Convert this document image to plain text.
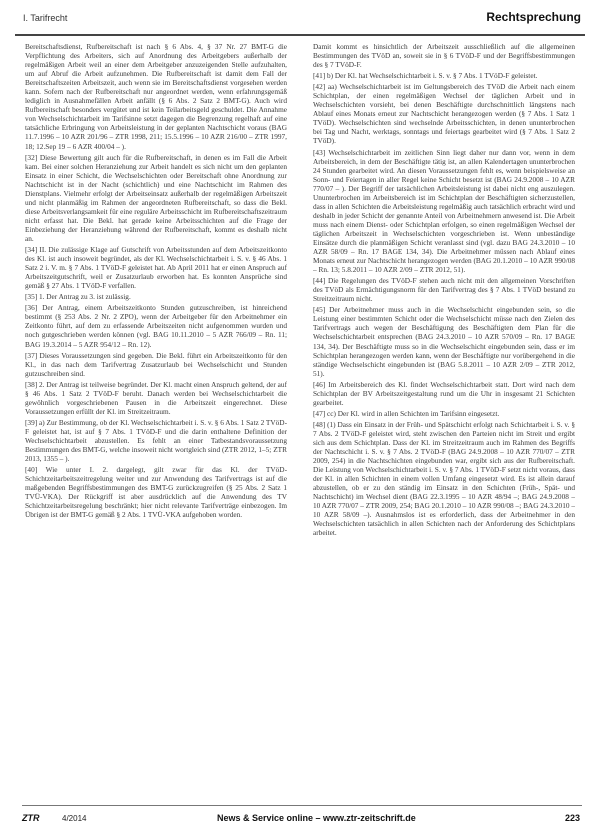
I. Tarifrecht	Rechtsprechung

Bereitschaftsdienst, Rufbereitschaft ist nach § 6 Abs. 4, § 37 Nr. 27 BMT-G die Verpflichtung des Arbeiters, sich auf Anordnung des Arbeitgebers außerhalb der regelmäßigen Arbeit weil an einer dem Arbeitgeber anzuzeigenden Stelle aufzuhalten, um auf Abruf die Arbeit aufzunehmen. Die Rufbereitschaft ist damit dem Fall der Bereitschaftszeiten Arbeitszeit, auch wenn sie im Bereitschaftsdienst vorgesehen werden kann. Sofern nach der Rufbereitschaft nur angeordnet werden, wenn erfahrungsgemäß lediglich in Ausnahmefällen Arbeit anfällt (§ 6 Abs. 2 Satz 2 BMT-G). Auch wird Rufbereitschaft besonders vergütet und ist kein Teilarbeitsgeld geschuldet. Die Annahme von Wechselschichtarbeit im Tarifsinne setzt dagegen die Begrenzung regelhaft auf eine tatsächliche Erbringung von Arbeitsleistung in der geplanten Nachtschicht voraus (BAG 11.7.1996 – 10 AZR 201/96 – ZTR 1998, 211; 15.5.1996 – 10 AZR 216/00 – ZTR 1997, 18; 12.Sep 19 – 6 AZR 400/04 – ).

[32] Diese Bewertung gilt auch für die Rufbereitschaft, in denen es im Fall die Arbeit kam. Bei einer solchen Heranziehung zur Arbeit handelt es sich nicht um den geplanten Einsatz in einer Schicht, die Wechselschichten oder Bereitschaft ohne Anordnung zur Nachtschicht ist in der Nacht (schichtlich) und eine Nachtschicht im Rahmen des Dienstplans. Vielmehr erfolgt der Arbeitseinsatz außerhalb der regelmäßigen Arbeitszeit und nicht planmäßig im Rahmen der angeordneten Rufbereitschaft, so dass die Bekl. diese Arbeitsverlangsamkeit für eine reguläre Arbeitsschicht im Rufbereitschaftszeitraum nicht erfasst hat. Die Bekl. hat gerade keine Arbeitsschichten auf die Frage der Einbeziehung der Heranziehung während der Rufbereitschaft, kommt es deshalb nicht an.

[34] II. Die zulässige Klage auf Gutschrift von Arbeitsstunden auf dem Arbeitszeitkonto des Kl. ist auch insoweit begründet, als der Kl. Wechselschichtarbeit i. S. v. § 46 Abs. 1 Satz 2 i. V. m. § 7 Abs. 1 TVöD-F geleistet hat. Ab April 2011 hat er einen Anspruch auf Arbeitszeitgutschrift, weil er Zusatzurlaub erworben hat. Es konnten Ansprüche sind gemäß § 27 Abs. 1 TVöD-F verfallen.

[35] 1. Der Antrag zu 3. ist zulässig.

[36] Der Antrag, einem Arbeitszeitkonto Stunden gutzuschreiben, ist hinreichend bestimmt (§ 253 Abs. 2 Nr. 2 ZPO), wenn der Arbeitgeber für den Arbeitnehmer ein Zeitkonto führt, auf dem zu erfassende Arbeitszeiten nicht aufgenommen wurden und noch gutgeschrieben werden können (vgl. BAG 10.11.2010 – 5 AZR 766/09 – Rn. 11; BAG 19.3.2014 – 5 AZR 954/12 – Rn. 12).

[37] Dieses Voraussetzungen sind gegeben. Die Bekl. führt ein Arbeitszeitkonto für den Kl., in das nach dem Tarifvertrag Zusatzurlaub bei Wechselschicht und Stunden gutzuschreiben sind.

[38] 2. Der Antrag ist teilweise begründet. Der Kl. macht einen Anspruch geltend, der auf § 46 Abs. 1 Satz 2 TVöD-F beruht. Danach werden bei Wechselschichtarbeit die gewöhnlich vorgeschriebenen Pausen in die Arbeitszeit eingerechnet. Diese Voraussetzungen erfüllt der Kl. im Streitzeitraum.

[39] a) Zur Bestimmung, ob der Kl. Wechselschichtarbeit i. S. v. § 6 Abs. 1 Satz 2 TVöD-F geleistet hat, ist auf § 7 Abs. 1 TVöD-F und die darin enthaltene Definition der Wechselschichtarbeit abzustellen. Es fehlt an einer Tatbestandsvoraussetzung Bestimmungen des BMT-G, welche insoweit nicht wortgleich sind (ZTR 2012, 1–5; ZTR 2013, 1355 – ).

[40] Wie unter I. 2. dargelegt, gilt zwar für das Kl. der TVöD-Schichtzeitarbeitszeitregelung weiter und zur Anwendung des Tarifvertrags ist auf die maßgebenden Begriffsbestimmungen des BMT-G zurückzugreifen (§ 25 Abs. 2 Satz 1 TVÜ-VKA). Der Rückgriff ist aber ausdrücklich auf die Anwendung des TV Schichtzeitarbeitsregelung beschränkt; hier nicht relevante Tarifverträge einbezogen. Im Übrigen ist der BMT-G gemäß § 2 Abs. 1 TVÜ-VKA aufgehoben worden.

Damit kommt es hinsichtlich der Arbeitszeit ausschließlich auf die allgemeinen Bestimmungen des TVöD an, soweit sie in § 6 TVöD-F und der Begriffsbestimmungen des § 7 TVöD-F.

[41] b) Der Kl. hat Wechselschichtarbeit i. S. v. § 7 Abs. 1 TVöD-F geleistet.

[42] aa) Wechselschichtarbeit ist im Geltungsbereich des TVöD die Arbeit nach einem Schichtplan, der einen regelmäßigen Wechsel der täglichen Arbeit und in Wechselschichten vorsieht, bei denen Beschäftigte durchschnittlich längstens nach Ablauf eines Monats erneut zur Nachtschicht herangezogen werden (§ 7 Abs. 1 Satz 1 TVöD). Wechselschichten sind wechselnde Arbeitsschichten, in denen ununterbrochen bei Tag und Nacht, werktags, sonntags und feiertags gearbeitet wird (§ 7 Abs. 1 Satz 2 TVöD).

[43] Wechselschichtarbeit im zeitlichen Sinn liegt daher nur dann vor, wenn in dem Arbeitsbereich, in dem der Beschäftigte tätig ist, an allen Kalendertagen ununterbrochen 24 Stunden gearbeitet wird. An diesen Voraussetzungen fehlt es, wenn beispielsweise an Sonn- und Feiertagen in aller Regel keine Schicht besetzt ist (BAG 24.9.2008 – 10 AZR 770/07 – ). Der Begriff der tatsächlichen Arbeitsleistung ist dabei nicht eng auszulegen. Ununterbrochen im Arbeitsbereich ist im Schichtplan der Beschäftigten sicherzustellen, dass in allen Schichten die Arbeitsleistung regelmäßig auch tatsächlich erbracht wird und deshalb in jeder Schicht der genannte Anteil von Arbeitnehmern anwesend ist. Die Arbeit muss nach einem Dienst- oder Schichtplan erfolgen, so einen regelmäßigen Wechsel der täglichen Arbeitszeit in Wechselschichten vorgeschrieben ist. Wenn unbeständige Einsätze durch die planmäßigen Schicht veranlasst sind (vgl. dazu BAG 24.3.2010 – 10 AZR 58/09 – Rn. 17 BAGE 134, 34). Die Arbeitnehmer müssen nach Ablauf eines Monats erneut zur Nachtschicht herangezogen werden (BAG 20.1.2010 – 10 AZR 990/08 – Rn. 13; 5.8.2011 – 10 AZR 2/09 – ZTR 2012, 51).

[44] Die Regelungen des TVöD-F stehen auch nicht mit den allgemeinen Vorschriften des TVöD als Ermächtigungsnorm für den Tarifvertrag des § 7 Abs. 1 TVöD bestand zu Streitzeitraum nicht.

[45] Der Arbeitnehmer muss auch in die Wechselschicht eingebunden sein, so die Leistung einer bestimmten Schicht oder die Wechselschicht müsse nach den Zielen des Tarifvertrags auch wegen der Beschäftigung des Beschäftigten dem Plan für die Wechselschichtarbeit entsprechen (BAG 24.3.2010 – 10 AZR 570/09 – Rn. 17 BAGE 134, 34). Der Beschäftigte muss so in die Wechselschicht eingebunden sein, dass er im Schichtplan herangezogen werden kann, wenn der Beschäftigte nur vorübergehend in die ständige Wechselschicht eingebunden ist (BAG 5.8.2011 – 10 AZR 2/09 – ZTR 2012, 51).

[46] Im Arbeitsbereich des Kl. findet Wechselschichtarbeit statt. Dort wird nach dem Schichtplan der BV Arbeitszeitgestaltung rund um die Uhr in insgesamt 21 Schichten gearbeitet.

[47] cc) Der Kl. wird in allen Schichten im Tarifsinn eingesetzt.

[48] (1) Dass ein Einsatz in der Früh- und Spätschicht erfolgt nach Schichtarbeit i. S. v. § 7 Abs. 2 TVöD-F geleistet wird, steht zwischen den Parteien nicht im Streit und ergibt sich aus dem Schichtplan. Dass der Kl. im Streitzeitraum auch im Rahmen des Begriffs der Nachtschicht i. S. v. § 7 Abs. 2 TVöD-F (BAG 24.9.2008 – 10 AZR 770/07 – ZTR 2009, 254) in die Nachtschichten eingebunden war, ergibt sich aus der Rufbereitschaft. Die Leistung von Wechselschichtarbeit i. S. v. § 7 Abs. 1 TVöD-F setzt nicht voraus, dass der Kl. in allen Schichten in einem vollen Umfang eingesetzt wird. Es ist allein darauf abzustellen, ob er zu den ständig im Einsatz in den Schichten (Früh-, Spät- und Nachtschicht) im Wechsel dient (BAG 22.3.1995 – 10 AZR 48/94 –; BAG 24.9.2008 – 10 AZR 770/07 – ZTR 2009, 254; BAG 20.1.2010 – 10 AZR 990/08 –; BAG 24.3.2010 – 10 AZR 58/09 –). Ausnahmslos ist es erforderlich, dass der Arbeitnehmer in den Wechselschichten tatsächlich in allen Schichten nach der Anforderung des Schichtplans arbeitet.

ZTR	4/2014	News & Service online – www.ztr-zeitschrift.de	223
